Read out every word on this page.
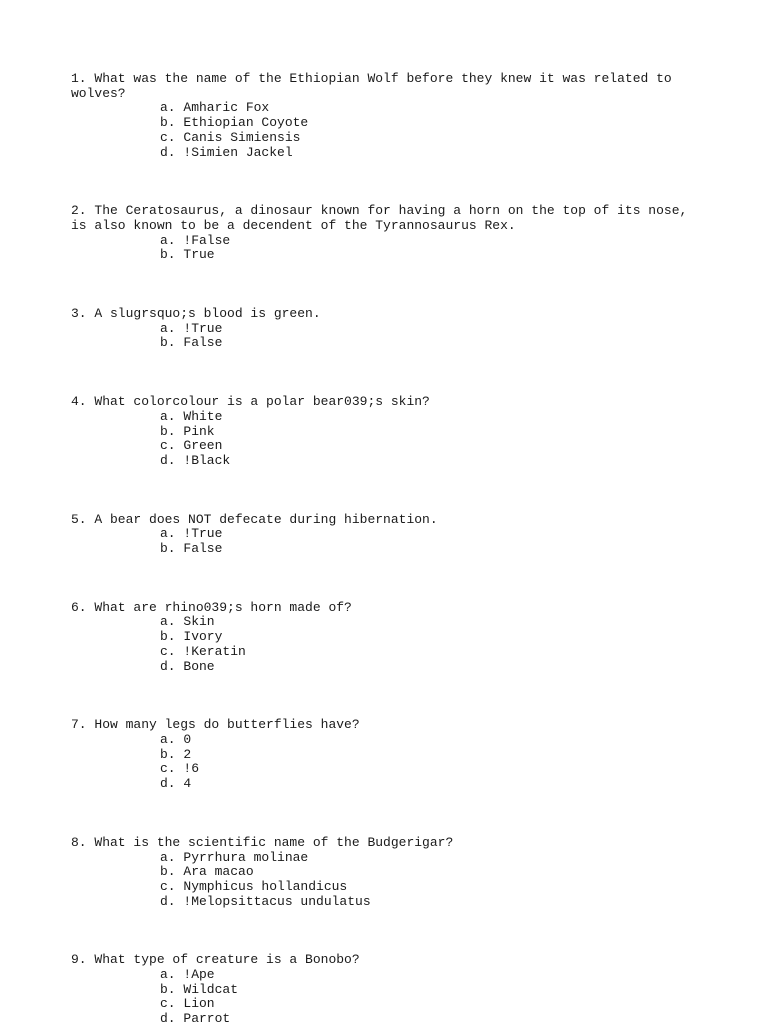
1. What was the name of the Ethiopian Wolf before they knew it was related to wolves?

a. Amharic Fox
b. Ethiopian Coyote
c. Canis Simiensis
d. !Simien Jackel

2. The Ceratosaurus, a dinosaur known for having a horn on the top of its nose, is also known to be a decendent of the Tyrannosaurus Rex.

a. !False
b. True

3. A slugrsquo;s blood is green.

a. !True
b. False

4. What colorcolour is a polar bear039;s skin?

a. White
b. Pink
c. Green
d. !Black

5. A bear does NOT defecate during hibernation.

a. !True
b. False

6. What are rhino039;s horn made of?

a. Skin
b. Ivory
c. !Keratin
d. Bone

7. How many legs do butterflies have?

a. 0
b. 2
c. !6
d. 4

8. What is the scientific name of the Budgerigar?

a. Pyrrhura molinae
b. Ara macao
c. Nymphicus hollandicus
d. !Melopsittacus undulatus

9. What type of creature is a Bonobo?

a. !Ape
b. Wildcat
c. Lion
d. Parrot
